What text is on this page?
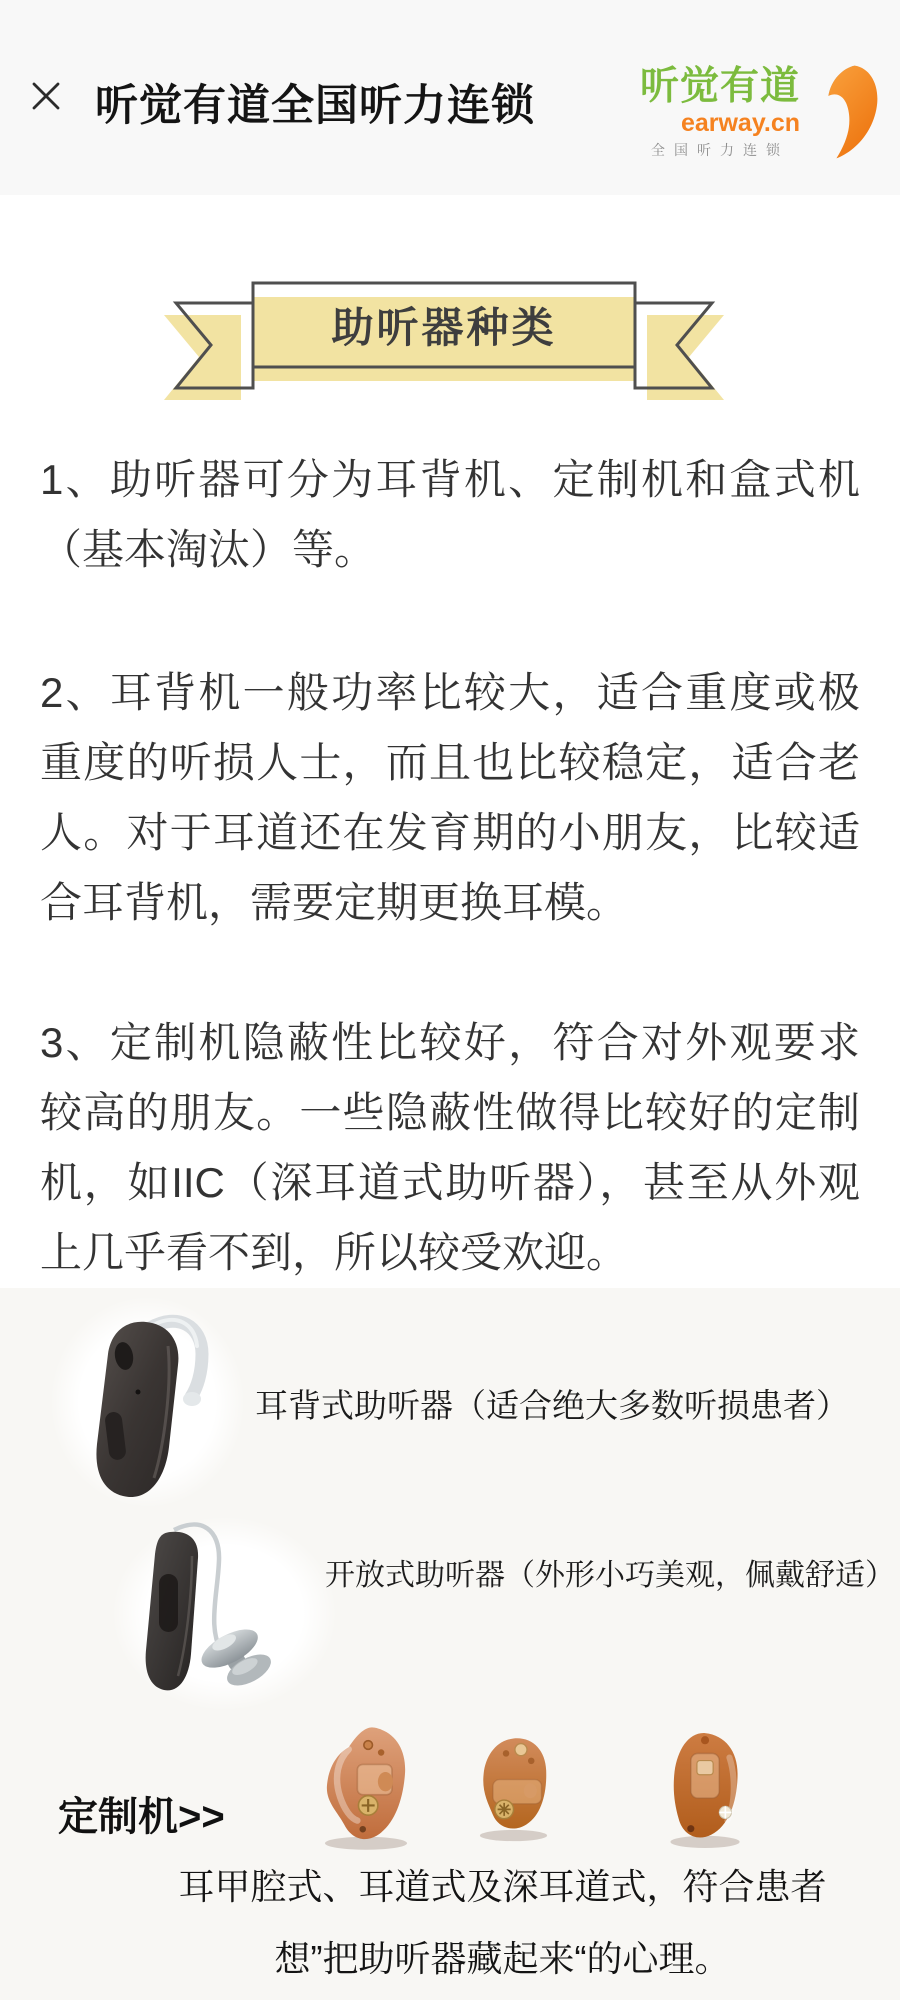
听觉有道全国听力连锁	听觉有道
earway.cn
全国听力连锁
助听器种类

1、助听器可分为耳背机、定制机和盒式机（基本淘汰）等。

2、耳背机一般功率比较大，适合重度或极重度的听损人士，而且也比较稳定，适合老人。对于耳道还在发育期的小朋友，比较适合耳背机，需要定期更换耳模。

3、定制机隐蔽性比较好，符合对外观要求较高的朋友。一些隐蔽性做得比较好的定制机，如IIC（深耳道式助听器），甚至从外观上几乎看不到，所以较受欢迎。

耳背式助听器（适合绝大多数听损患者）
开放式助听器（外形小巧美观，佩戴舒适）
定制机>>
耳甲腔式、耳道式及深耳道式，符合患者
想”把助听器藏起来“的心理。
